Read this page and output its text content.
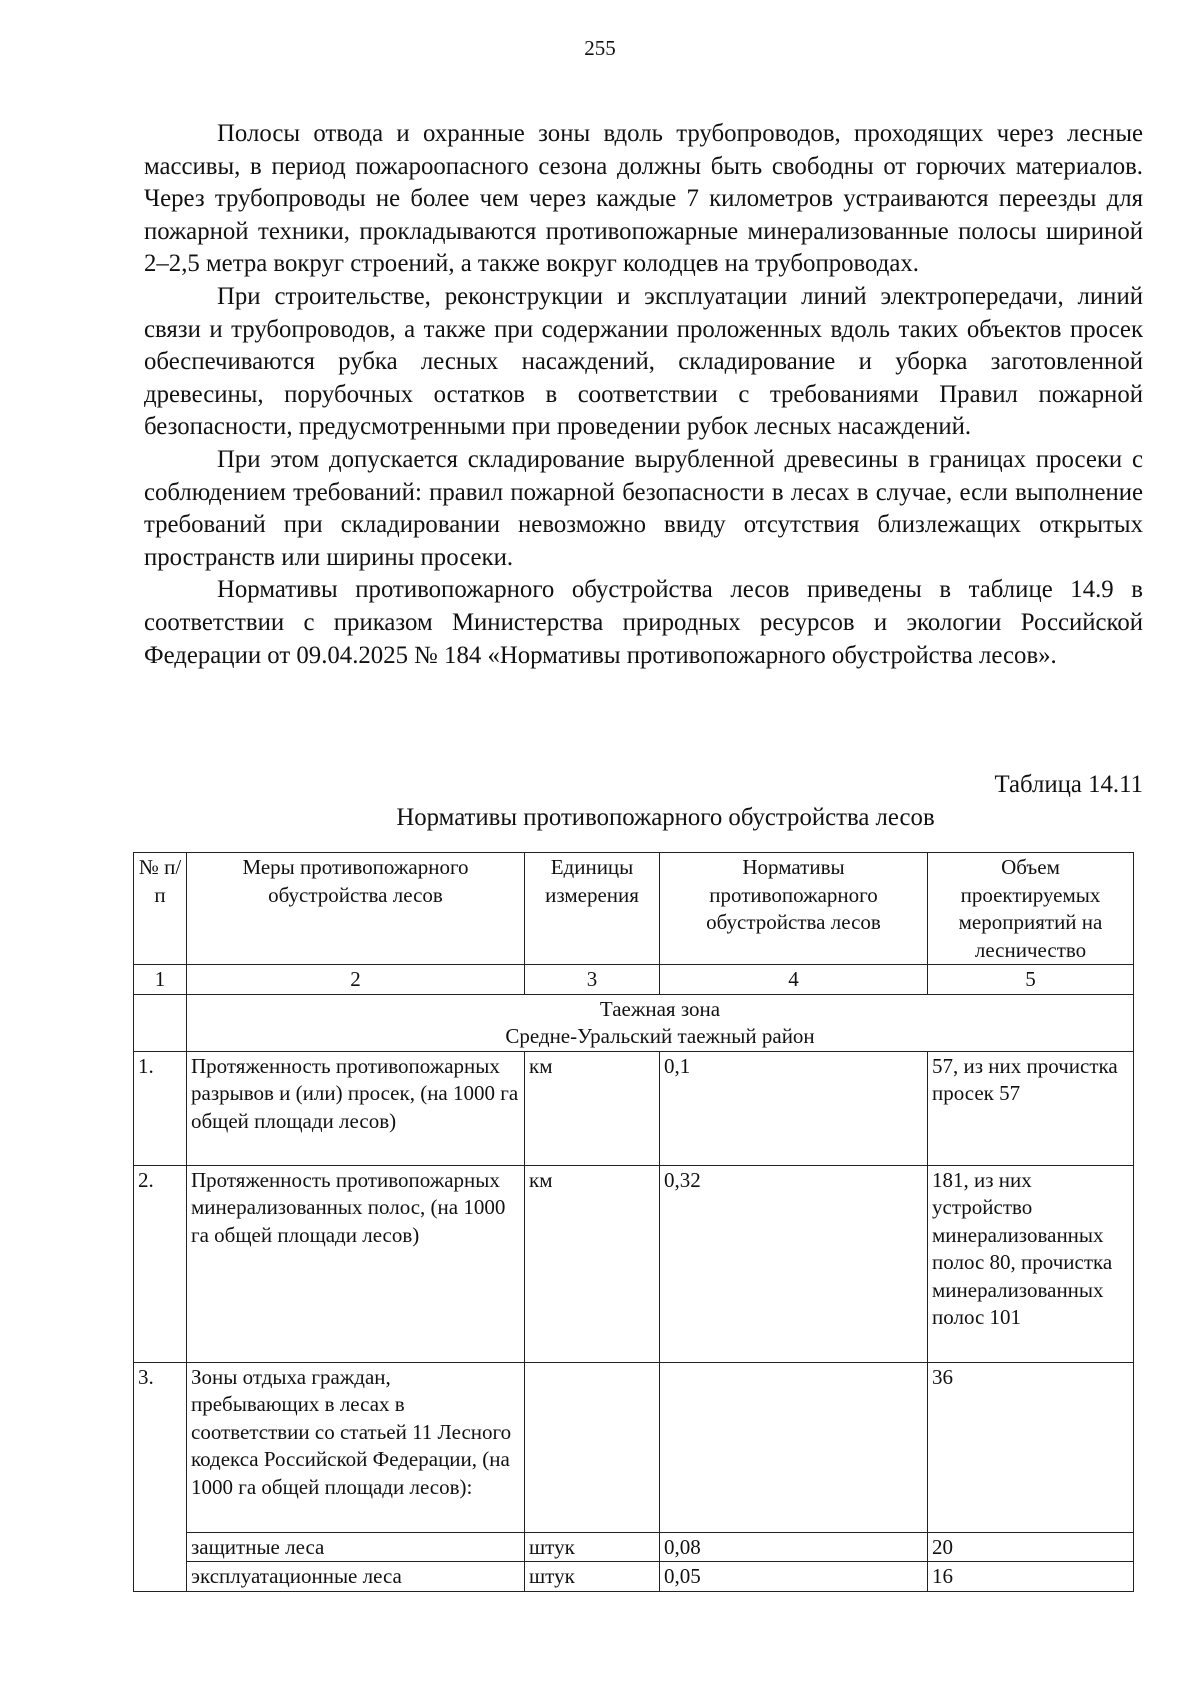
255

Полосы отвода и охранные зоны вдоль трубопроводов, проходящих через лесные массивы, в период пожароопасного сезона должны быть свободны от горючих материалов. Через трубопроводы не более чем через каждые 7 километров устраиваются переезды для пожарной техники, прокладываются противопожарные минерализованные полосы шириной 2–2,5 метра вокруг строений, а также вокруг колодцев на трубопроводах.

При строительстве, реконструкции и эксплуатации линий электропередачи, линий связи и трубопроводов, а также при содержании проложенных вдоль таких объектов просек обеспечиваются рубка лесных насаждений, складирование и уборка заготовленной древесины, порубочных остатков в соответствии с требованиями Правил пожарной безопасности, предусмотренными при проведении рубок лесных насаждений.

При этом допускается складирование вырубленной древесины в границах просеки с соблюдением требований: правил пожарной безопасности в лесах в случае, если выполнение требований при складировании невозможно ввиду отсутствия близлежащих открытых пространств или ширины просеки.

Нормативы противопожарного обустройства лесов приведены в таблице 14.9 в соответствии с приказом Министерства природных ресурсов и экологии Российской Федерации от 09.04.2025 № 184 «Нормативы противопожарного обустройства лесов».

Таблица 14.11
Нормативы противопожарного обустройства лесов
№ п/п	Меры противопожарного обустройства лесов	Единицы измерения	Нормативы противопожарного обустройства лесов	Объем проектируемых мероприятий на лесничество
1	2	3	4	5

	Таежная зона
Средне-Уральский таежный район			

1.	Протяженность противопожарных разрывов и (или) просек, (на 1000 га общей площади лесов)	км	0,1	57, из них прочистка просек 57
2.	Протяженность противопожарных минерализованных полос, (на 1000 га общей площади лесов)	км	0,32	181, из них устройство минерализованных полос 80, прочистка минерализованных полос 101
3.	Зоны отдыха граждан, пребывающих в лесах в соответствии со статьей 11 Лесного кодекса Российской Федерации, (на 1000 га общей площади лесов):			36
	защитные леса	штук	0,08	20
	эксплуатационные леса	штук	0,05	16
